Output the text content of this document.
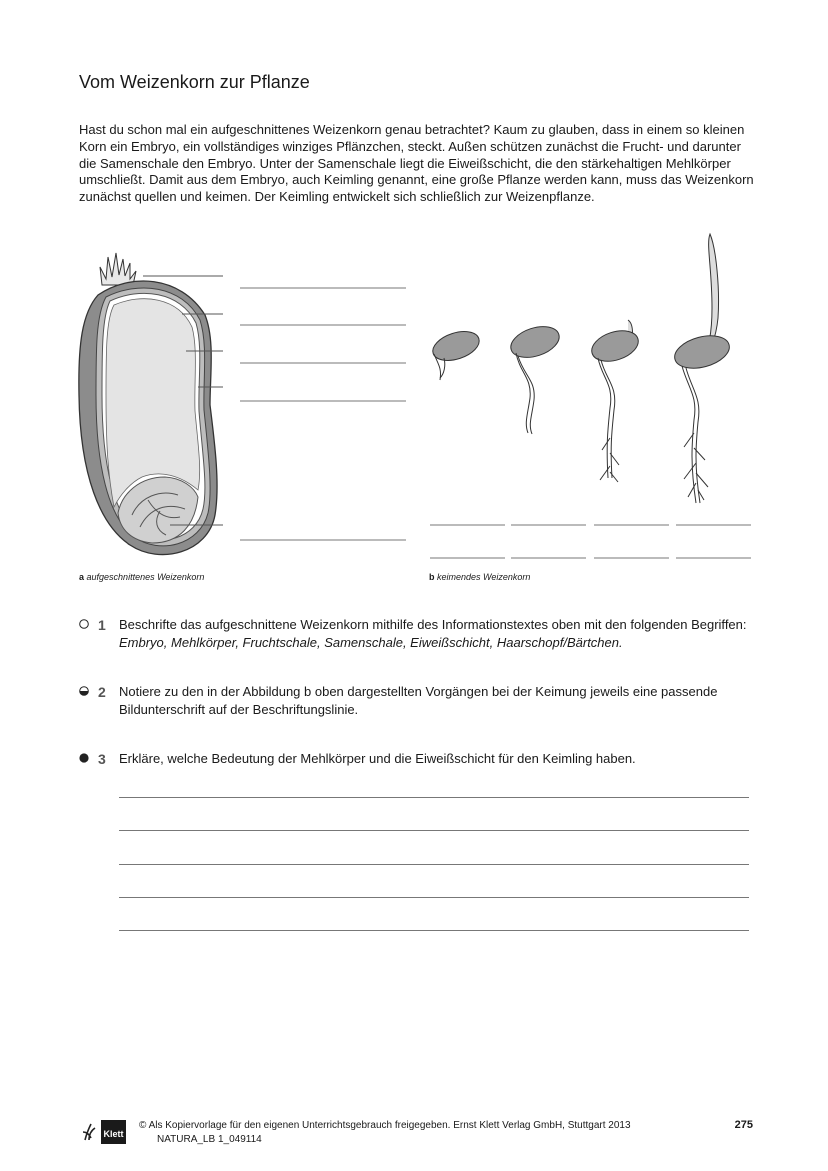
Vom Weizenkorn zur Pflanze
Hast du schon mal ein aufgeschnittenes Weizenkorn genau betrachtet? Kaum zu glauben, dass in einem so kleinen Korn ein Embryo, ein vollständiges winziges Pflänzchen, steckt. Außen schützen zunächst die Frucht- und darunter die Samenschale den Embryo. Unter der Samenschale liegt die Eiweißschicht, die den stärkehaltigen Mehlkörper umschließt. Damit aus dem Embryo, auch Keimling genannt, eine große Pflanze werden kann, muss das Weizenkorn zunächst quellen und keimen. Der Keimling entwickelt sich schließlich zur Weizenpflanze.
a aufgeschnittenes Weizenkorn	b keimendes Weizenkorn
1 Beschrifte das aufgeschnittene Weizenkorn mithilfe des Informationstextes oben mit den folgenden Begriffen: Embryo, Mehlkörper, Fruchtschale, Samenschale, Eiweißschicht, Haarschopf/Bärtchen.
2 Notiere zu den in der Abbildung b oben dargestellten Vorgängen bei der Keimung jeweils eine passende Bildunterschrift auf der Beschriftungslinie.
3 Erkläre, welche Bedeutung der Mehlkörper und die Eiweißschicht für den Keimling haben.
Klett
© Als Kopiervorlage für den eigenen Unterrichtsgebrauch freigegeben. Ernst Klett Verlag GmbH, Stuttgart 2013
NATURA_LB 1_049114
275
